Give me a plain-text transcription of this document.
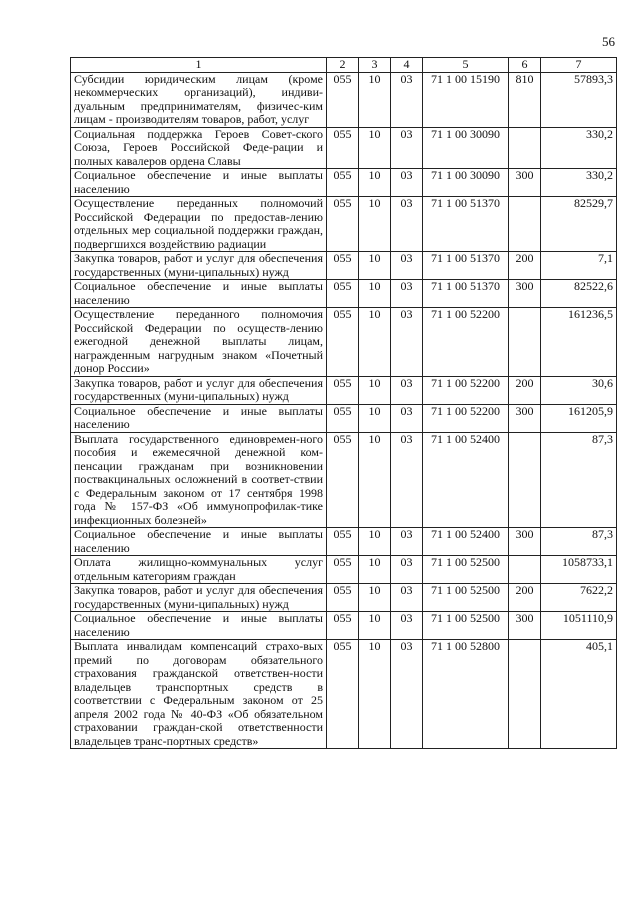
56
1	2	3	4	5	6	7
Субсидии юридическим лицам (кроме некоммерческих организаций), индиви-дуальным предпринимателям, физичес-ким лицам - производителям товаров, работ, услуг	055	10	03	71 1 00 15190	810	57893,3
Социальная поддержка Героев Совет-ского Союза, Героев Российской Феде-рации и полных кавалеров ордена Славы	055	10	03	71 1 00 30090		330,2
Социальное обеспечение и иные выплаты населению	055	10	03	71 1 00 30090	300	330,2
Осуществление переданных полномочий Российской Федерации по предостав-лению отдельных мер социальной поддержки граждан, подвергшихся воздействию радиации	055	10	03	71 1 00 51370		82529,7
Закупка товаров, работ и услуг для обеспечения государственных (муни-ципальных) нужд	055	10	03	71 1 00 51370	200	7,1
Социальное обеспечение и иные выплаты населению	055	10	03	71 1 00 51370	300	82522,6
Осуществление переданного полномочия Российской Федерации по осуществ-лению ежегодной денежной выплаты лицам, награжденным нагрудным знаком «Почетный донор России»	055	10	03	71 1 00 52200		161236,5
Закупка товаров, работ и услуг для обеспечения государственных (муни-ципальных) нужд	055	10	03	71 1 00 52200	200	30,6
Социальное обеспечение и иные выплаты населению	055	10	03	71 1 00 52200	300	161205,9
Выплата государственного единовремен-ного пособия и ежемесячной денежной ком-пенсации гражданам при возникновении поствакцинальных осложнений в соответ-ствии с Федеральным законом от 17 сентября 1998 года № 157-ФЗ «Об иммунопрофилак-тике инфекционных болезней»	055	10	03	71 1 00 52400		87,3
Социальное обеспечение и иные выплаты населению	055	10	03	71 1 00 52400	300	87,3
Оплата жилищно-коммунальных услуг отдельным категориям граждан	055	10	03	71 1 00 52500		1058733,1
Закупка товаров, работ и услуг для обеспечения государственных (муни-ципальных) нужд	055	10	03	71 1 00 52500	200	7622,2
Социальное обеспечение и иные выплаты населению	055	10	03	71 1 00 52500	300	1051110,9
Выплата инвалидам компенсаций страхо-вых премий по договорам обязательного страхования гражданской ответствен-ности владельцев транспортных средств в соответствии с Федеральным законом от 25 апреля 2002 года № 40-ФЗ «Об обязательном страховании граждан-ской ответственности владельцев транс-портных средств»	055	10	03	71 1 00 52800		405,1
